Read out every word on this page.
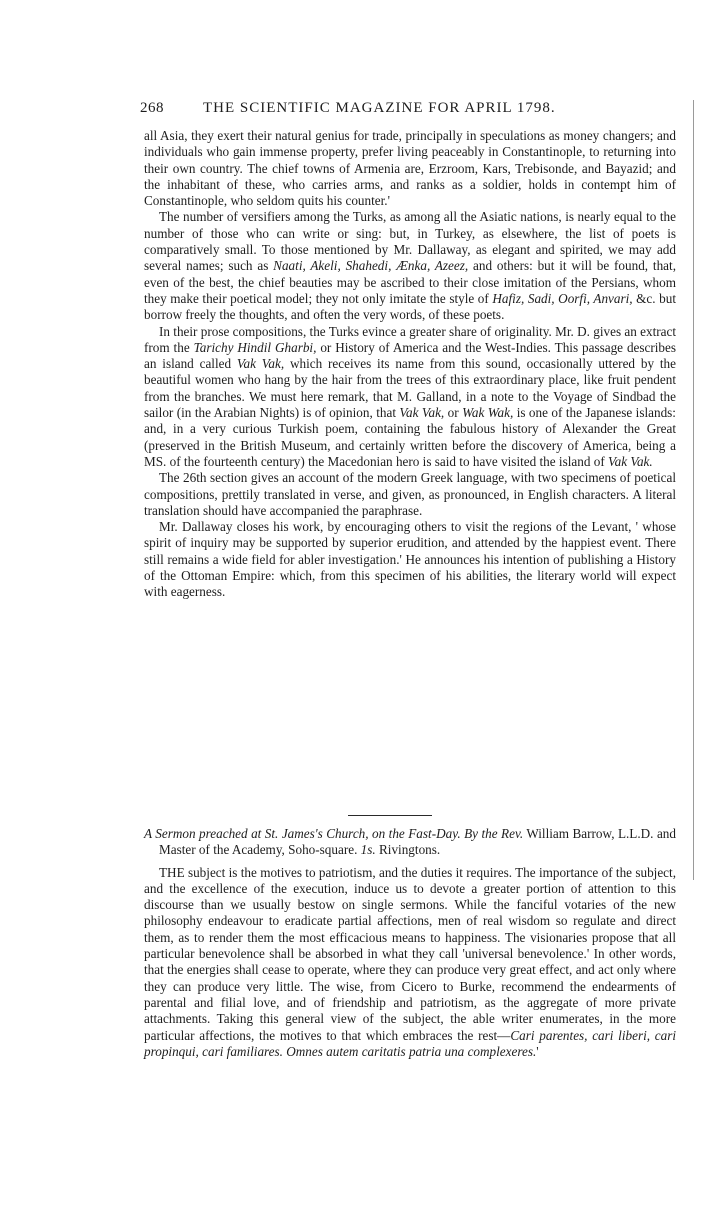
268	THE SCIENTIFIC MAGAZINE FOR APRIL 1798.

all Asia, they exert their natural genius for trade, principally in speculations as money changers; and individuals who gain immense property, prefer living peaceably in Constantinople, to returning into their own country. The chief towns of Armenia are, Erzroom, Kars, Trebisonde, and Bayazid; and the inhabitant of these, who carries arms, and ranks as a soldier, holds in contempt him of Constantinople, who seldom quits his counter.'

The number of versifiers among the Turks, as among all the Asiatic nations, is nearly equal to the number of those who can write or sing: but, in Turkey, as elsewhere, the list of poets is comparatively small. To those mentioned by Mr. Dallaway, as elegant and spirited, we may add several names; such as Naati, Akeli, Shahedi, Ænka, Azeez, and others: but it will be found, that, even of the best, the chief beauties may be ascribed to their close imitation of the Persians, whom they make their poetical model; they not only imitate the style of Hafiz, Sadi, Oorfi, Anvari, &c. but borrow freely the thoughts, and often the very words, of these poets.

In their prose compositions, the Turks evince a greater share of originality. Mr. D. gives an extract from the Tarichy Hindil Gharbi, or History of America and the West-Indies. This passage describes an island called Vak Vak, which receives its name from this sound, occasionally uttered by the beautiful women who hang by the hair from the trees of this extraordinary place, like fruit pendent from the branches. We must here remark, that M. Galland, in a note to the Voyage of Sindbad the sailor (in the Arabian Nights) is of opinion, that Vak Vak, or Wak Wak, is one of the Japanese islands: and, in a very curious Turkish poem, containing the fabulous history of Alexander the Great (preserved in the British Museum, and certainly written before the discovery of America, being a MS. of the fourteenth century) the Macedonian hero is said to have visited the island of Vak Vak.

The 26th section gives an account of the modern Greek language, with two specimens of poetical compositions, prettily translated in verse, and given, as pronounced, in English characters. A literal translation should have accompanied the paraphrase.

Mr. Dallaway closes his work, by encouraging others to visit the regions of the Levant, ' whose spirit of inquiry may be supported by superior erudition, and attended by the happiest event. There still remains a wide field for abler investigation.' He announces his intention of publishing a History of the Ottoman Empire: which, from this specimen of his abilities, the literary world will expect with eagerness.

A Sermon preached at St. James's Church, on the Fast-Day. By the Rev. William Barrow, L.L.D. and Master of the Academy, Soho-square. 1s. Rivingtons.

THE subject is the motives to patriotism, and the duties it requires. The importance of the subject, and the excellence of the execution, induce us to devote a greater portion of attention to this discourse than we usually bestow on single sermons. While the fanciful votaries of the new philosophy endeavour to eradicate partial affections, men of real wisdom so regulate and direct them, as to render them the most efficacious means to happiness. The visionaries propose that all particular benevolence shall be absorbed in what they call 'universal benevolence.' In other words, that the energies shall cease to operate, where they can produce very great effect, and act only where they can produce very little. The wise, from Cicero to Burke, recommend the endearments of parental and filial love, and of friendship and patriotism, as the aggregate of more private attachments. Taking this general view of the subject, the able writer enumerates, in the more particular affections, the motives to that which embraces the rest—Cari parentes, cari liberi, cari propinqui, cari familiares. Omnes autem caritatis patria una complexeres.'
